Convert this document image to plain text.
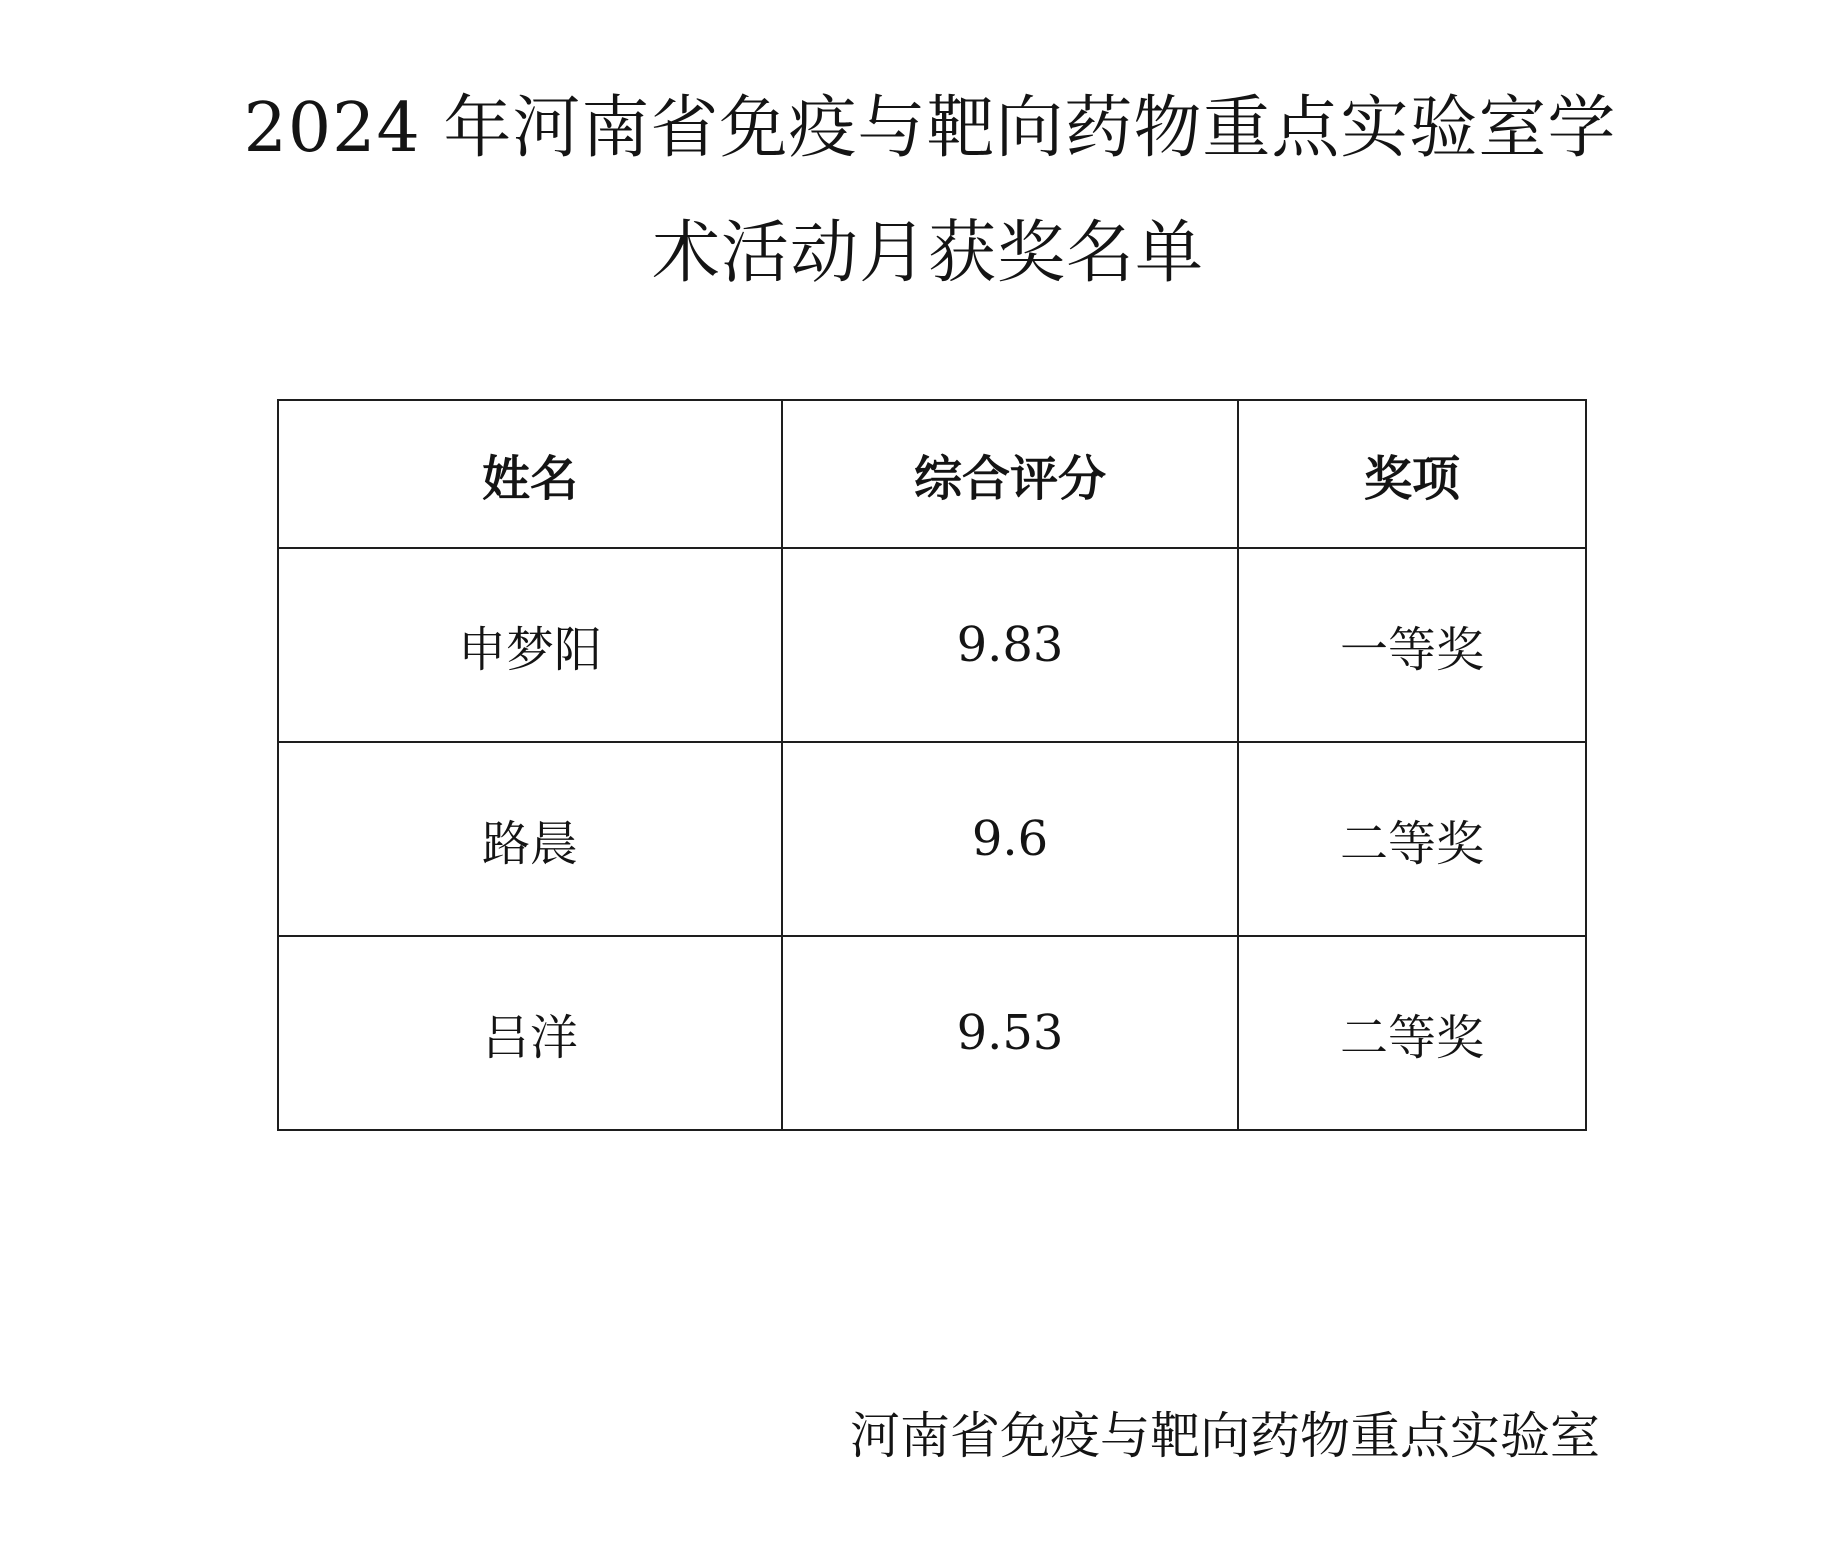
2024 年河南省免疫与靶向药物重点实验室学
术活动月获奖名单
姓名	综合评分	奖项
申梦阳	9.83	一等奖
路晨	9.6	二等奖
吕洋	9.53	二等奖
河南省免疫与靶向药物重点实验室
